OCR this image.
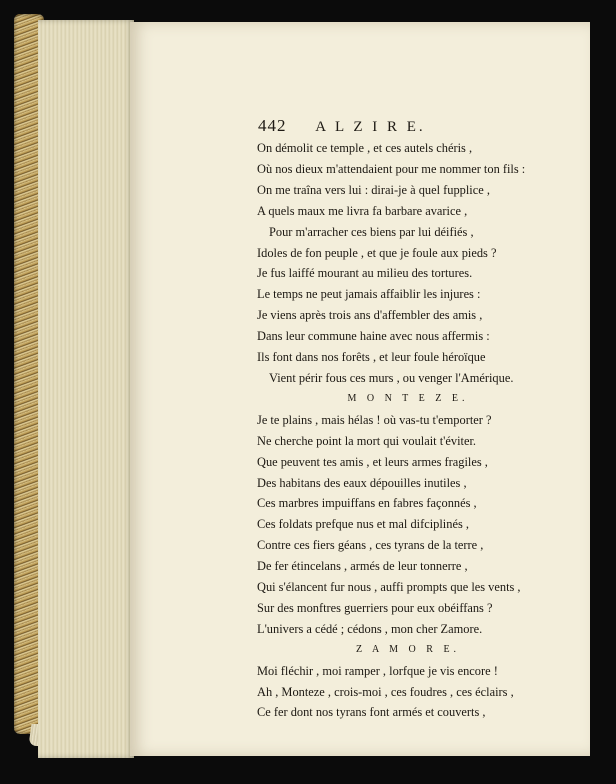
442 A L Z I R E.
On démolit ce temple , et ces autels chéris ,
Où nos dieux m'attendaient pour me nommer ton fils :
On me traîna vers lui : dirai-je à quel fupplice ,
A quels maux me livra fa barbare avarice ,
Pour m'arracher ces biens par lui déifiés ,
Idoles de fon peuple , et que je foule aux pieds ?
Je fus laiffé mourant au milieu des tortures.
Le temps ne peut jamais affaiblir les injures :
Je viens après trois ans d'affembler des amis ,
Dans leur commune haine avec nous affermis :
Ils font dans nos forêts , et leur foule héroïque
Vient périr fous ces murs , ou venger l'Amérique.
M O N T E Z E.
Je te plains , mais hélas ! où vas-tu t'emporter ?
Ne cherche point la mort qui voulait t'éviter.
Que peuvent tes amis , et leurs armes fragiles ,
Des habitans des eaux dépouilles inutiles ,
Ces marbres impuiffans en fabres façonnés ,
Ces foldats prefque nus et mal difciplinés ,
Contre ces fiers géans , ces tyrans de la terre ,
De fer étincelans , armés de leur tonnerre ,
Qui s'élancent fur nous , auffi prompts que les vents ,
Sur des monftres guerriers pour eux obéiffans ?
L'univers a cédé ; cédons , mon cher Zamore.
Z A M O R E.
Moi fléchir , moi ramper , lorfque je vis encore !
Ah , Monteze , crois-moi , ces foudres , ces éclairs ,
Ce fer dont nos tyrans font armés et couverts ,
